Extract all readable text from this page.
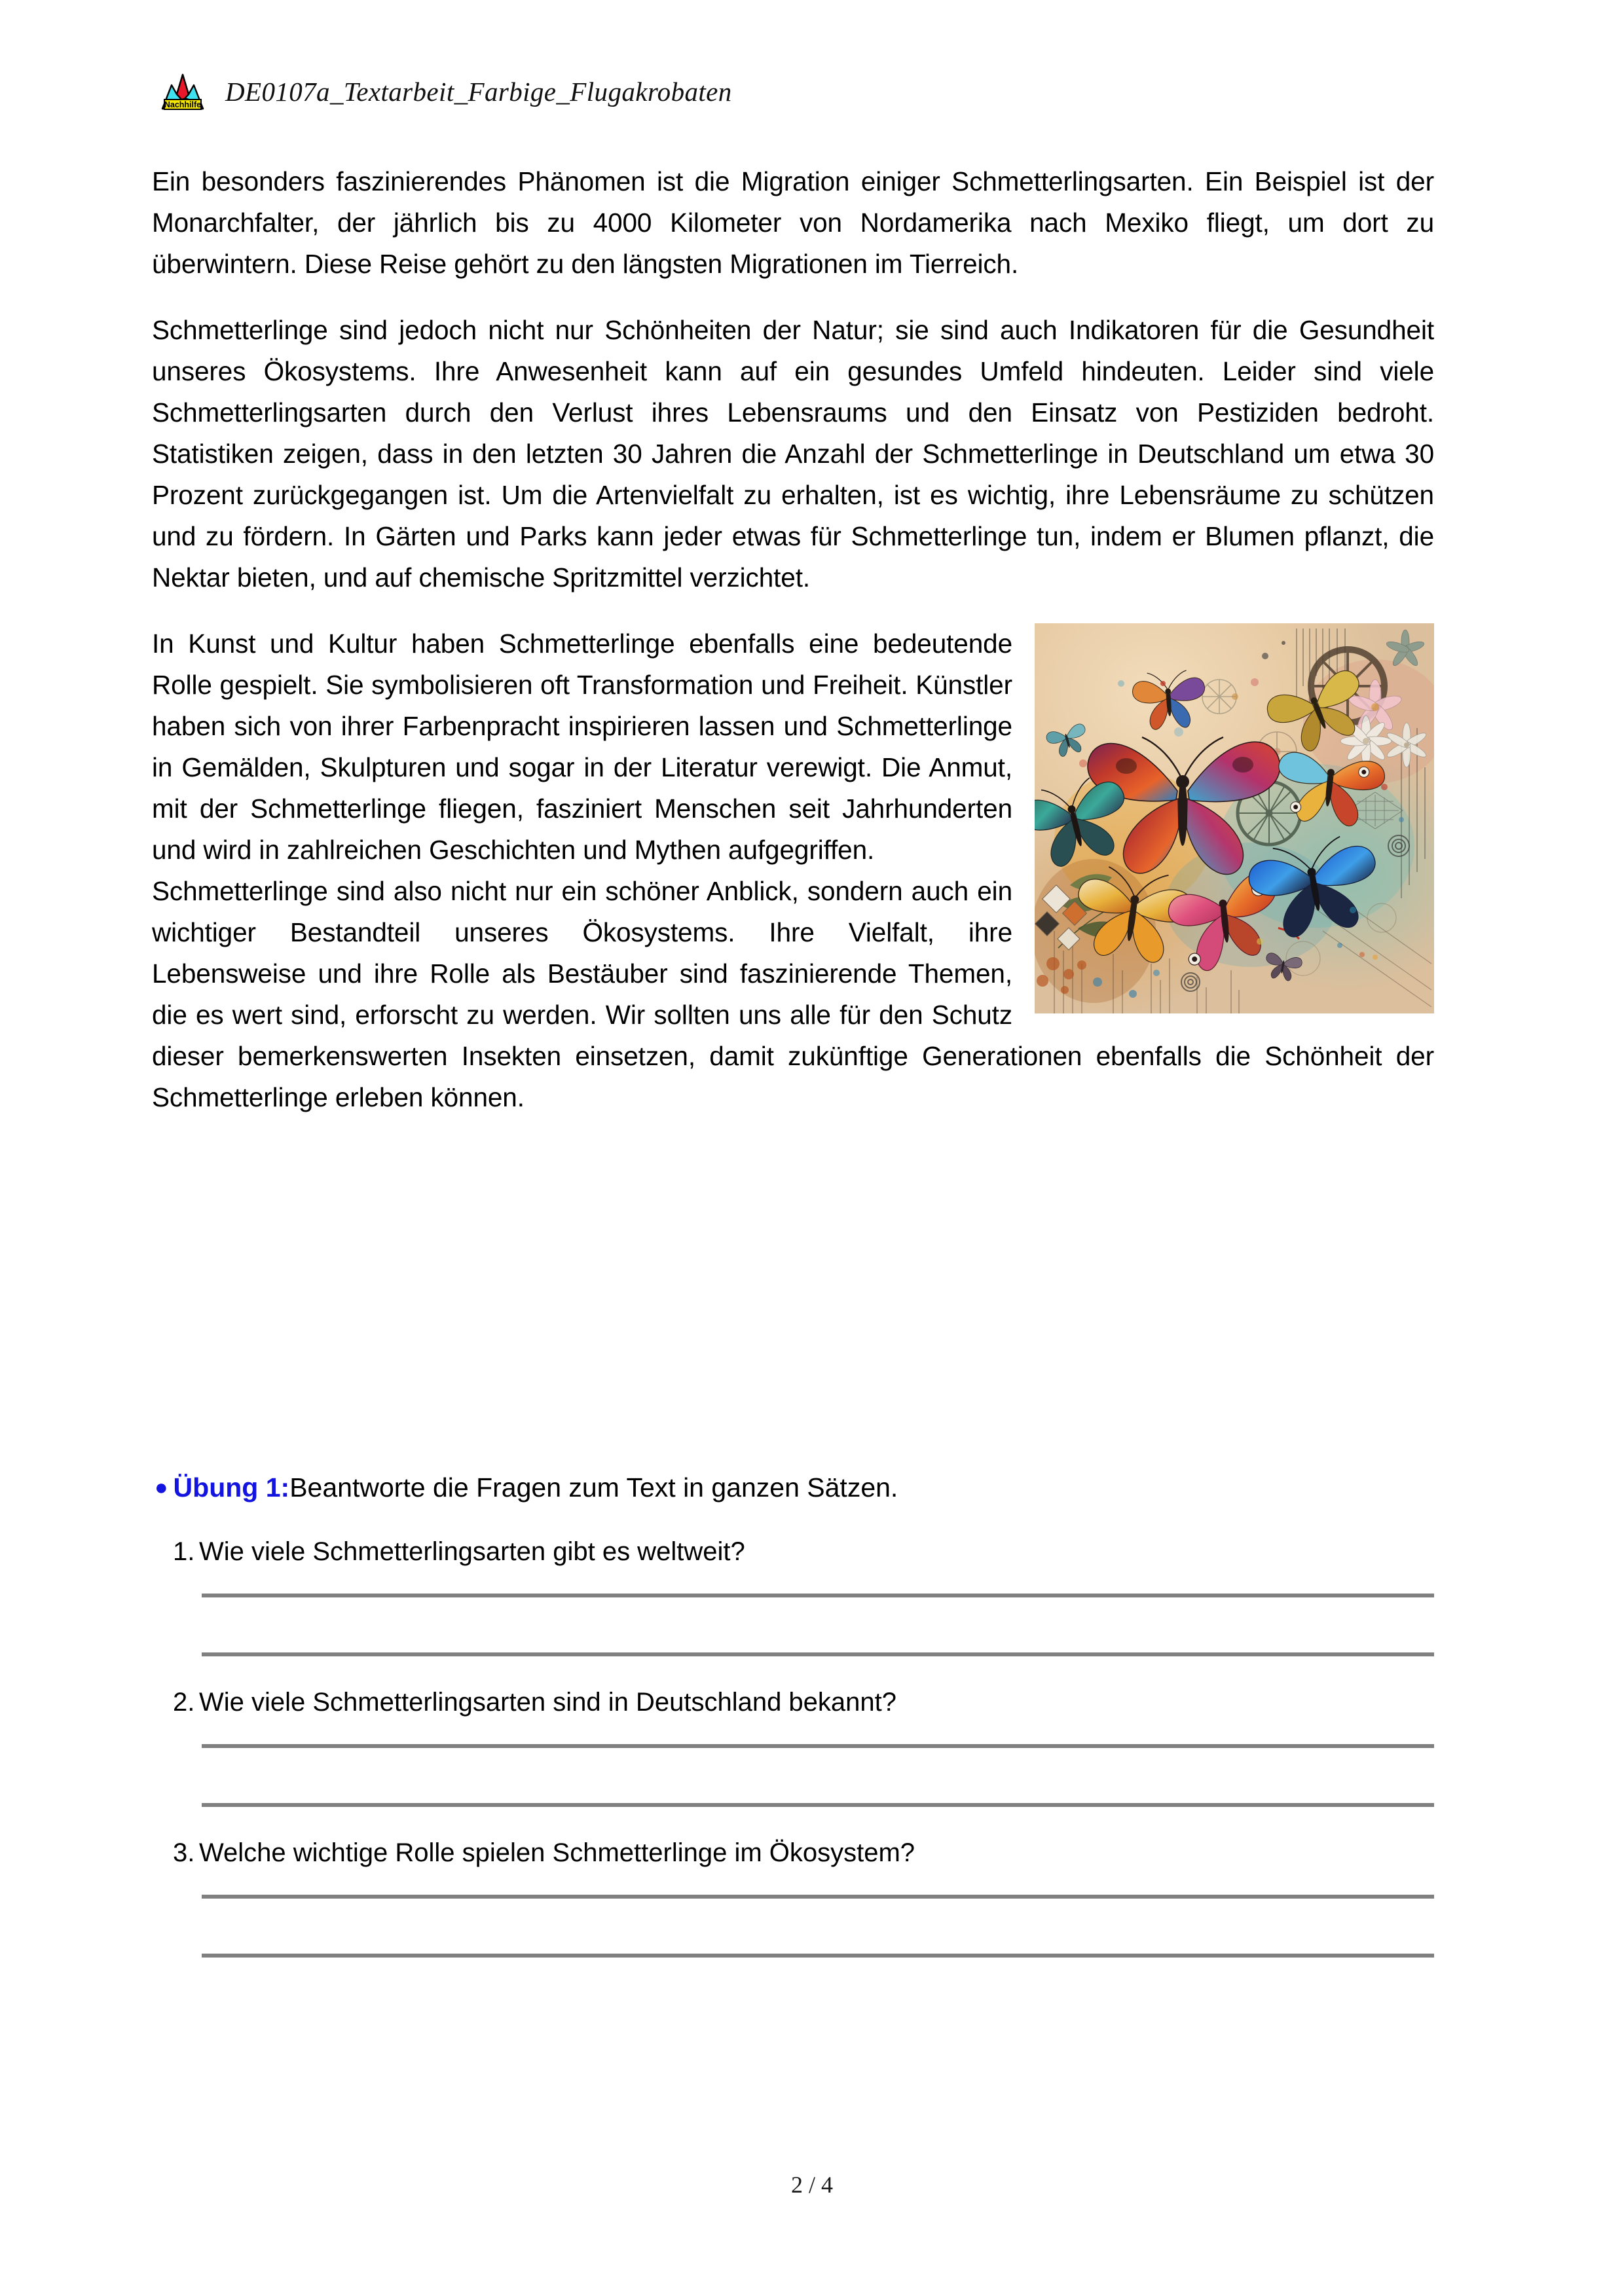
Nachhilfe DE0107a_Textarbeit_Farbige_Flugakrobaten

Ein besonders faszinierendes Phänomen ist die Migration einiger Schmetterlingsarten. Ein Beispiel ist der Monarchfalter, der jährlich bis zu 4000 Kilometer von Nordamerika nach Mexiko fliegt, um dort zu überwintern. Diese Reise gehört zu den längsten Migrationen im Tierreich.

Schmetterlinge sind jedoch nicht nur Schönheiten der Natur; sie sind auch Indikatoren für die Gesundheit unseres Ökosystems. Ihre Anwesenheit kann auf ein gesundes Umfeld hindeuten. Leider sind viele Schmetterlingsarten durch den Verlust ihres Lebensraums und den Einsatz von Pestiziden bedroht. Statistiken zeigen, dass in den letzten 30 Jahren die Anzahl der Schmetterlinge in Deutschland um etwa 30 Prozent zurückgegangen ist. Um die Artenvielfalt zu erhalten, ist es wichtig, ihre Lebensräume zu schützen und zu fördern. In Gärten und Parks kann jeder etwas für Schmetterlinge tun, indem er Blumen pflanzt, die Nektar bieten, und auf chemische Spritzmittel verzichtet.

In Kunst und Kultur haben Schmetterlinge ebenfalls eine bedeutende Rolle gespielt. Sie symbolisieren oft Transformation und Freiheit. Künstler haben sich von ihrer Farbenpracht inspirieren lassen und Schmetterlinge in Gemälden, Skulpturen und sogar in der Literatur verewigt. Die Anmut, mit der Schmetterlinge fliegen, fasziniert Menschen seit Jahrhunderten und wird in zahlreichen Geschichten und Mythen aufgegriffen.

Schmetterlinge sind also nicht nur ein schöner Anblick, sondern auch ein wichtiger Bestandteil unseres Ökosystems. Ihre Vielfalt, ihre Lebensweise und ihre Rolle als Bestäuber sind faszinierende Themen, die es wert sind, erforscht zu werden. Wir sollten uns alle für den Schutz dieser bemerkenswerten Insekten einsetzen, damit zukünftige Generationen ebenfalls die Schönheit der Schmetterlinge erleben können.

● Übung 1:Beantworte die Fragen zum Text in ganzen Sätzen.
1. Wie viele Schmetterlingsarten gibt es weltweit?
2. Wie viele Schmetterlingsarten sind in Deutschland bekannt?
3. Welche wichtige Rolle spielen Schmetterlinge im Ökosystem?
2 / 4
